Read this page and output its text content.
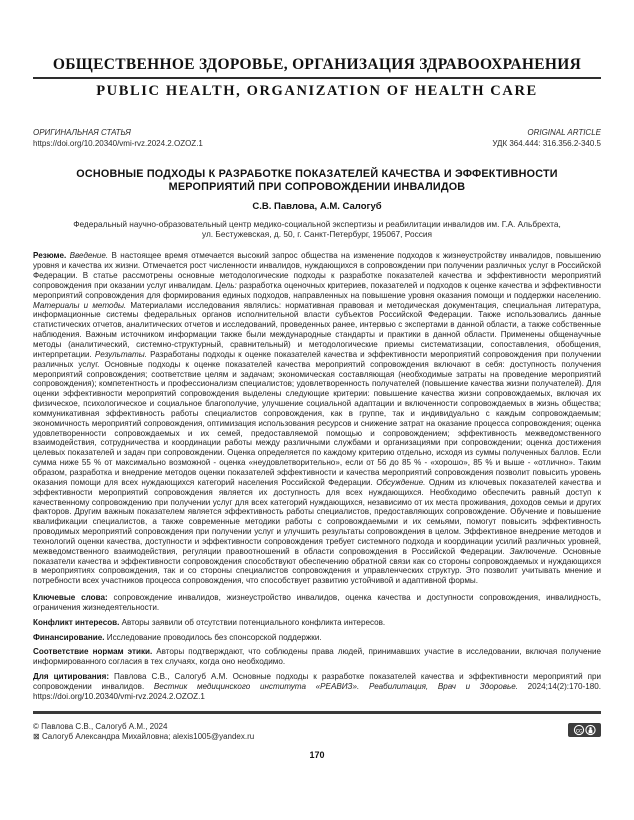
ОБЩЕСТВЕННОЕ ЗДОРОВЬЕ, ОРГАНИЗАЦИЯ ЗДРАВООХРАНЕНИЯ
PUBLIC HEALTH, ORGANIZATION OF HEALTH CARE
ОРИГИНАЛЬНАЯ СТАТЬЯ
https://doi.org/10.20340/vmi-rvz.2024.2.OZOZ.1
ORIGINAL ARTICLE
УДК 364.444: 316.356.2-340.5
ОСНОВНЫЕ ПОДХОДЫ К РАЗРАБОТКЕ ПОКАЗАТЕЛЕЙ КАЧЕСТВА И ЭФФЕКТИВНОСТИ МЕРОПРИЯТИЙ ПРИ СОПРОВОЖДЕНИИ ИНВАЛИДОВ
С.В. Павлова, А.М. Салогуб
Федеральный научно-образовательный центр медико-социальной экспертизы и реабилитации инвалидов им. Г.А. Альбрехта,
ул. Бестужевская, д. 50, г. Санкт-Петербург, 195067, Россия

Резюме. Введение. В настоящее время отмечается высокий запрос общества на изменение подходов к жизнеустройству инвалидов, повышению уровня и качества их жизни. Отмечается рост численности инвалидов, нуждающихся в сопровождении при получении различных услуг в Российской Федерации. В статье рассмотрены основные методологические подходы к разработке показателей качества и эффективности мероприятий сопровождения при оказании услуг инвалидам. Цель: разработка оценочных критериев, показателей и подходов к оценке качества и эффективности мероприятий сопровождения для формирования единых подходов, направленных на повышение уровня оказания помощи и поддержки населению. Материалы и методы. Материалами исследования являлись: нормативная правовая и методическая документация, специальная литература, информационные системы федеральных органов исполнительной власти субъектов Российской Федерации. Также использовались данные статистических отчетов, аналитических отчетов и исследований, проведенных ранее, интервью с экспертами в данной области, а также собственные наблюдения. Важным источником информации также были международные стандарты и практики в данной области. Применены общенаучные методы (аналитический, системно-структурный, сравнительный) и методологические приемы систематизации, сопоставления, обобщения, интерпретации. Результаты. Разработаны подходы к оценке показателей качества и эффективности мероприятий сопровождения при получении различных услуг. Основные подходы к оценке показателей качества мероприятий сопровождения включают в себя: доступность получения мероприятий сопровождения; соответствие целям и задачам; экономическая составляющая (необходимые затраты на проведение мероприятий сопровождения); компетентность и профессионализм специалистов; удовлетворенность получателей (повышение качества жизни получателей). Для оценки эффективности мероприятий сопровождения выделены следующие критерии: повышение качества жизни сопровождаемых, включая их физическое, психологическое и социальное благополучие, улучшение социальной адаптации и включенности сопровождаемых в жизнь общества; коммуникативная эффективность работы специалистов сопровождения, как в группе, так и индивидуально с каждым сопровождаемым; экономичность мероприятий сопровождения, оптимизация использования ресурсов и снижение затрат на оказание процесса сопровождения; оценка удовлетворенности сопровождаемых и их семей, предоставляемой помощью и сопровождением; эффективность межведомственного взаимодействия, сотрудничества и координации работы между различными службами и организациями при сопровождении; оценка достижения целевых показателей и задач при сопровождении. Оценка определяется по каждому критерию отдельно, исходя из суммы полученных баллов. Если сумма ниже 55 % от максимально возможной - оценка «неудовлетворительно», если от 56 до 85 % - «хорошо», 85 % и выше - «отлично». Таким образом, разработка и внедрение методов оценки показателей эффективности и качества мероприятий сопровождения позволит повысить уровень оказания помощи для всех нуждающихся категорий населения Российской Федерации. Обсуждение. Одним из ключевых показателей качества и эффективности мероприятий сопровождения является их доступность для всех нуждающихся. Необходимо обеспечить равный доступ к качественному сопровождению при получении услуг для всех категорий нуждающихся, независимо от их места проживания, доходов семьи и других факторов. Другим важным показателем является эффективность работы специалистов, предоставляющих сопровождение. Обучение и повышение квалификации специалистов, а также современные методики работы с сопровождаемыми и их семьями, помогут повысить эффективность проводимых мероприятий сопровождения при получении услуг и улучшить результаты сопровождения в целом. Эффективное внедрение методов и технологий оценки качества, доступности и эффективности сопровождения требует системного подхода и координации усилий различных уровней, межведомственного взаимодействия, регуляции правоотношений в области сопровождения в Российской Федерации. Заключение. Основные показатели качества и эффективности сопровождения способствуют обеспечению обратной связи как со стороны сопровождаемых и нуждающихся в мероприятиях сопровождения, так и со стороны специалистов сопровождения и управленческих структур. Это позволит учитывать мнение и потребности всех участников процесса сопровождения, что способствует развитию устойчивой и адаптивной формы.

Ключевые слова: сопровождение инвалидов, жизнеустройство инвалидов, оценка качества и доступности сопровождения, инвалидность, ограничения жизнедеятельности.

Конфликт интересов. Авторы заявили об отсутствии потенциального конфликта интересов.

Финансирование. Исследование проводилось без спонсорской поддержки.

Соответствие нормам этики. Авторы подтверждают, что соблюдены права людей, принимавших участие в исследовании, включая получение информированного согласия в тех случаях, когда оно необходимо.

Для цитирования: Павлова С.В., Салогуб А.М. Основные подходы к разработке показателей качества и эффективности мероприятий при сопровождении инвалидов. Вестник медицинского института «РЕАВИЗ». Реабилитация, Врач и Здоровье. 2024;14(2):170-180. https://doi.org/10.20340/vmi-rvz.2024.2.OZOZ.1

© Павлова С.В., Салогуб А.М., 2024
⊠ Салогуб Александра Михайловна; alexis1005@yandex.ru
cc
170
